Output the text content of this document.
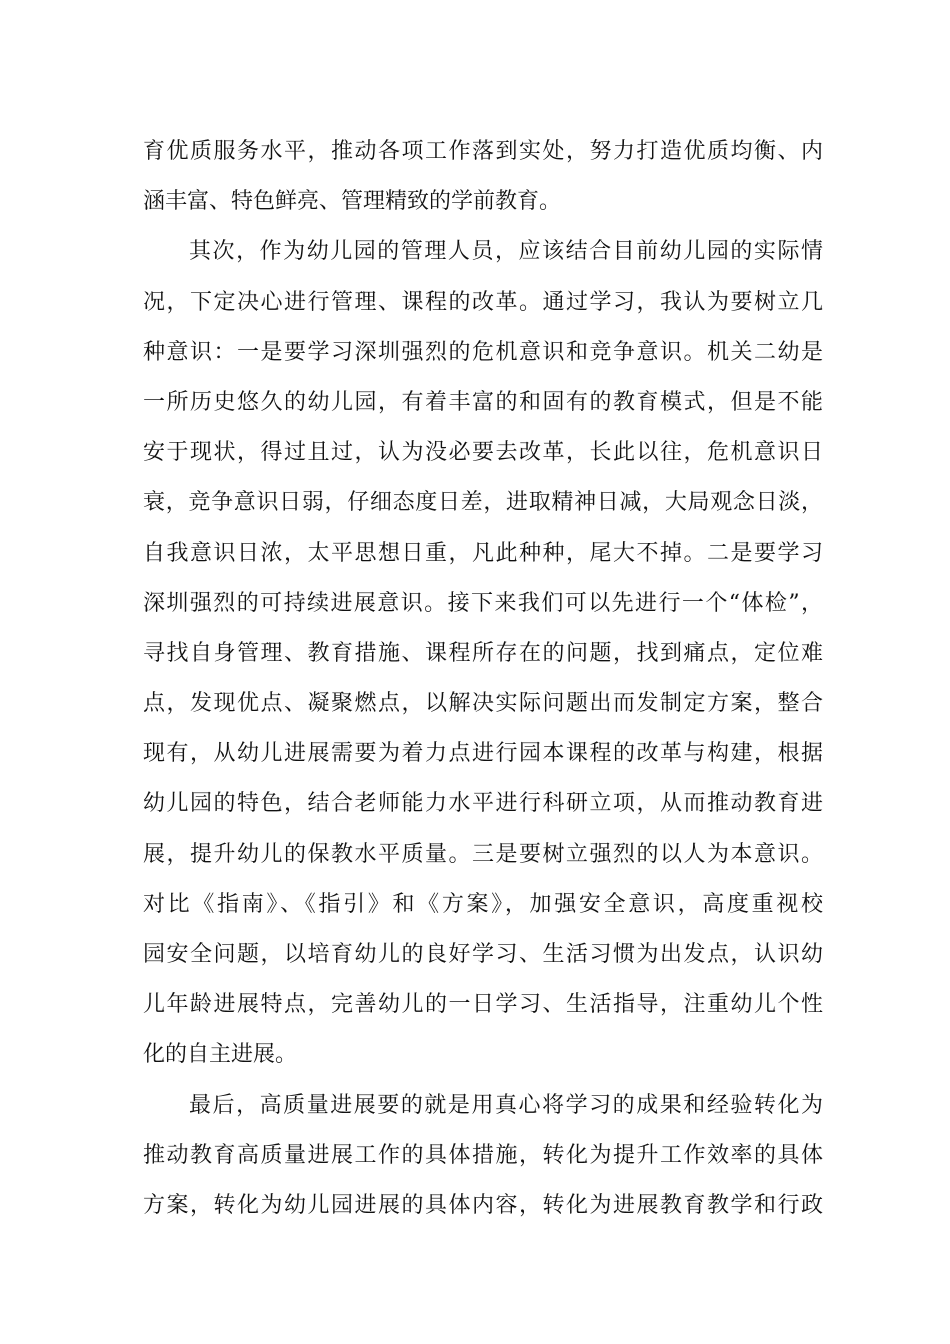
育优质服务水平，推动各项工作落到实处，努力打造优质均衡、内
涵丰富、特色鲜亮、管理精致的学前教育。
其次，作为幼儿园的管理人员，应该结合目前幼儿园的实际情
况，下定决心进行管理、课程的改革。通过学习，我认为要树立几
种意识：一是要学习深圳强烈的危机意识和竞争意识。机关二幼是
一所历史悠久的幼儿园，有着丰富的和固有的教育模式，但是不能
安于现状，得过且过，认为没必要去改革，长此以往，危机意识日
衰，竞争意识日弱，仔细态度日差，进取精神日减，大局观念日淡，
自我意识日浓，太平思想日重，凡此种种，尾大不掉。二是要学习
深圳强烈的可持续进展意识。接下来我们可以先进行一个“体检”，
寻找自身管理、教育措施、课程所存在的问题，找到痛点，定位难
点，发现优点、凝聚燃点，以解决实际问题出而发制定方案，整合
现有，从幼儿进展需要为着力点进行园本课程的改革与构建，根据
幼儿园的特色，结合老师能力水平进行科研立项，从而推动教育进
展，提升幼儿的保教水平质量。三是要树立强烈的以人为本意识。
对比《指南》、《指引》和《方案》，加强安全意识，高度重视校
园安全问题，以培育幼儿的良好学习、生活习惯为出发点，认识幼
儿年龄进展特点，完善幼儿的一日学习、生活指导，注重幼儿个性
化的自主进展。
最后，高质量进展要的就是用真心将学习的成果和经验转化为
推动教育高质量进展工作的具体措施，转化为提升工作效率的具体
方案，转化为幼儿园进展的具体内容，转化为进展教育教学和行政
